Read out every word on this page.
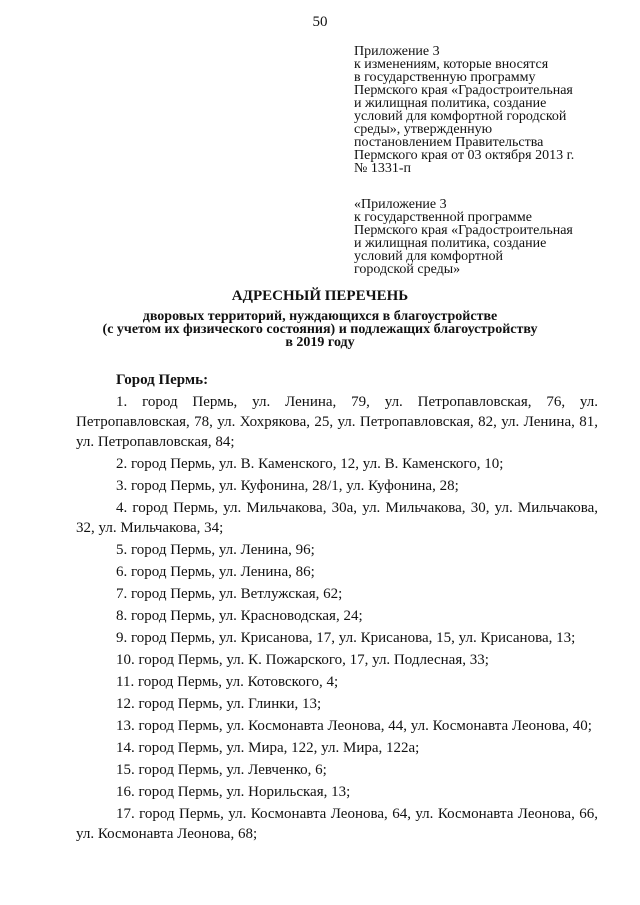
50
Приложение 3
к изменениям, которые вносятся
в государственную программу
Пермского края «Градостроительная
и жилищная политика, создание
условий для комфортной городской
среды», утвержденную
постановлением Правительства
Пермского края от 03 октября 2013 г.
№ 1331-п
«Приложение 3
к государственной программе
Пермского края «Градостроительная
и жилищная политика, создание
условий для комфортной
городской среды»
АДРЕСНЫЙ ПЕРЕЧЕНЬ
дворовых территорий, нуждающихся в благоустройстве
(с учетом их физического состояния) и подлежащих благоустройству
в 2019 году
Город Пермь:

1. город Пермь, ул. Ленина, 79, ул. Петропавловская, 76, ул. Петропавловская, 78, ул. Хохрякова, 25, ул. Петропавловская, 82, ул. Ленина, 81, ул. Петропавловская, 84;

2. город Пермь, ул. В. Каменского, 12, ул. В. Каменского, 10;

3. город Пермь, ул. Куфонина, 28/1, ул. Куфонина, 28;

4. город Пермь, ул. Мильчакова, 30а, ул. Мильчакова, 30, ул. Мильчакова, 32, ул. Мильчакова, 34;

5. город Пермь, ул. Ленина, 96;

6. город Пермь, ул. Ленина, 86;

7. город Пермь, ул. Ветлужская, 62;

8. город Пермь, ул. Красноводская, 24;

9. город Пермь, ул. Крисанова, 17, ул. Крисанова, 15, ул. Крисанова, 13;

10. город Пермь, ул. К. Пожарского, 17, ул. Подлесная, 33;

11. город Пермь, ул. Котовского, 4;

12. город Пермь, ул. Глинки, 13;

13. город Пермь, ул. Космонавта Леонова, 44, ул. Космонавта Леонова, 40;

14. город Пермь, ул. Мира, 122, ул. Мира, 122а;

15. город Пермь, ул. Левченко, 6;

16. город Пермь, ул. Норильская, 13;

17. город Пермь, ул. Космонавта Леонова, 64, ул. Космонавта Леонова, 66, ул. Космонавта Леонова, 68;
